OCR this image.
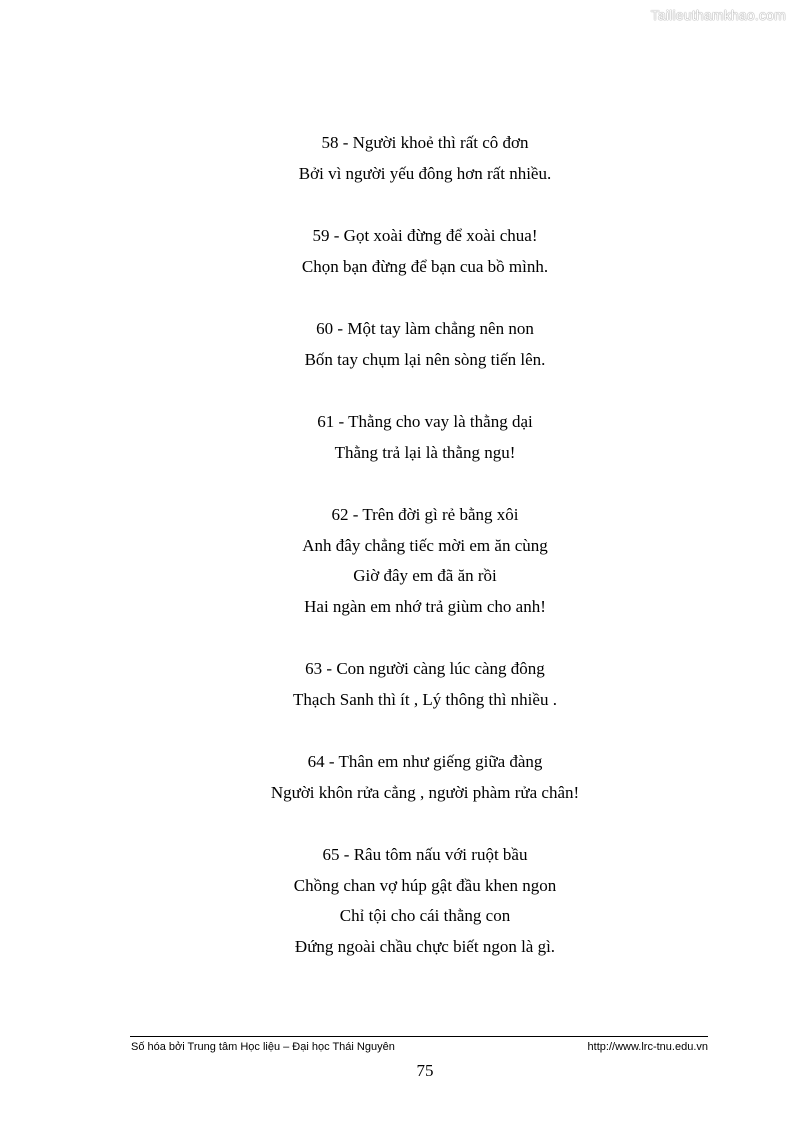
Tailieuthamkhao.com
58 - Người khoẻ thì rất cô đơn
Bởi vì người yếu đông hơn rất nhiều.
59 - Gọt xoài đừng để xoài chua!
Chọn bạn đừng để bạn cua bồ mình.
60 - Một tay làm chẳng nên non
Bốn tay chụm lại nên sòng tiến lên.
61 - Thằng cho vay là thằng dại
Thằng trả lại là thằng ngu!
62 - Trên đời gì rẻ bằng xôi
Anh đây chẳng tiếc mời em ăn cùng
Giờ đây em đã ăn rồi
Hai ngàn em nhớ trả giùm cho anh!
63 - Con người càng lúc càng đông
Thạch Sanh thì ít , Lý thông thì nhiều .
64 - Thân em như giếng giữa đàng
Người khôn rửa cẳng , người phàm rửa chân!
65 - Râu tôm nấu với ruột bầu
Chồng chan vợ húp gật đầu khen ngon
Chỉ tội cho cái thằng con
Đứng ngoài chầu chực biết ngon là gì.
Số hóa bởi Trung tâm Học liệu – Đại học Thái Nguyên	http://www.lrc-tnu.edu.vn
75
